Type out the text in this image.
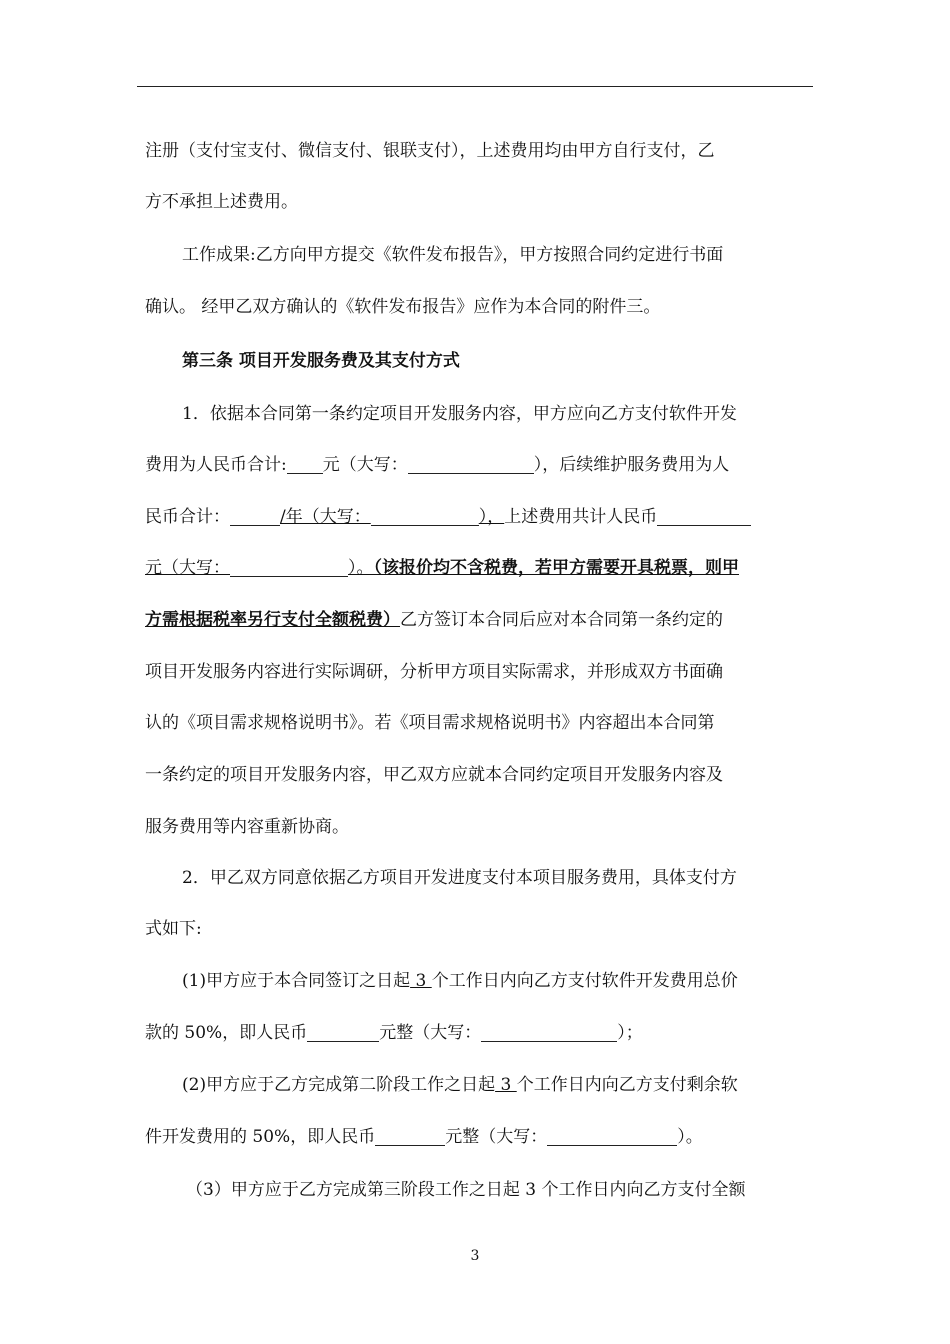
注册（支付宝支付、微信支付、银联支付），上述费用均由甲方自行支付，乙
方不承担上述费用。
工作成果:乙方向甲方提交《软件发布报告》，甲方按照合同约定进行书面
确认。 经甲乙双方确认的《软件发布报告》应作为本合同的附件三。
第三条 项目开发服务费及其支付方式
1．依据本合同第一条约定项目开发服务内容，甲方应向乙方支付软件开发
费用为人民币合计: 元（大写：	），后续维护服务费用为人
民币合计：	/年（大写：	），上述费用共计人民币
元（大写：	）。（该报价均不含税费，若甲方需要开具税票，则甲
方需根据税率另行支付全额税费）乙方签订本合同后应对本合同第一条约定的
项目开发服务内容进行实际调研，分析甲方项目实际需求，并形成双方书面确
认的《项目需求规格说明书》。若《项目需求规格说明书》内容超出本合同第
一条约定的项目开发服务内容，甲乙双方应就本合同约定项目开发服务内容及
服务费用等内容重新协商。
2．甲乙双方同意依据乙方项目开发进度支付本项目服务费用，具体支付方
式如下:
(1)甲方应于本合同签订之日起 3 个工作日内向乙方支付软件开发费用总价
款的 50%，即人民币	元整（大写：	）；
(2)甲方应于乙方完成第二阶段工作之日起 3 个工作日内向乙方支付剩余软
件开发费用的 50%，即人民币	元整（大写：	）。
（3）甲方应于乙方完成第三阶段工作之日起 3 个工作日内向乙方支付全额
3
